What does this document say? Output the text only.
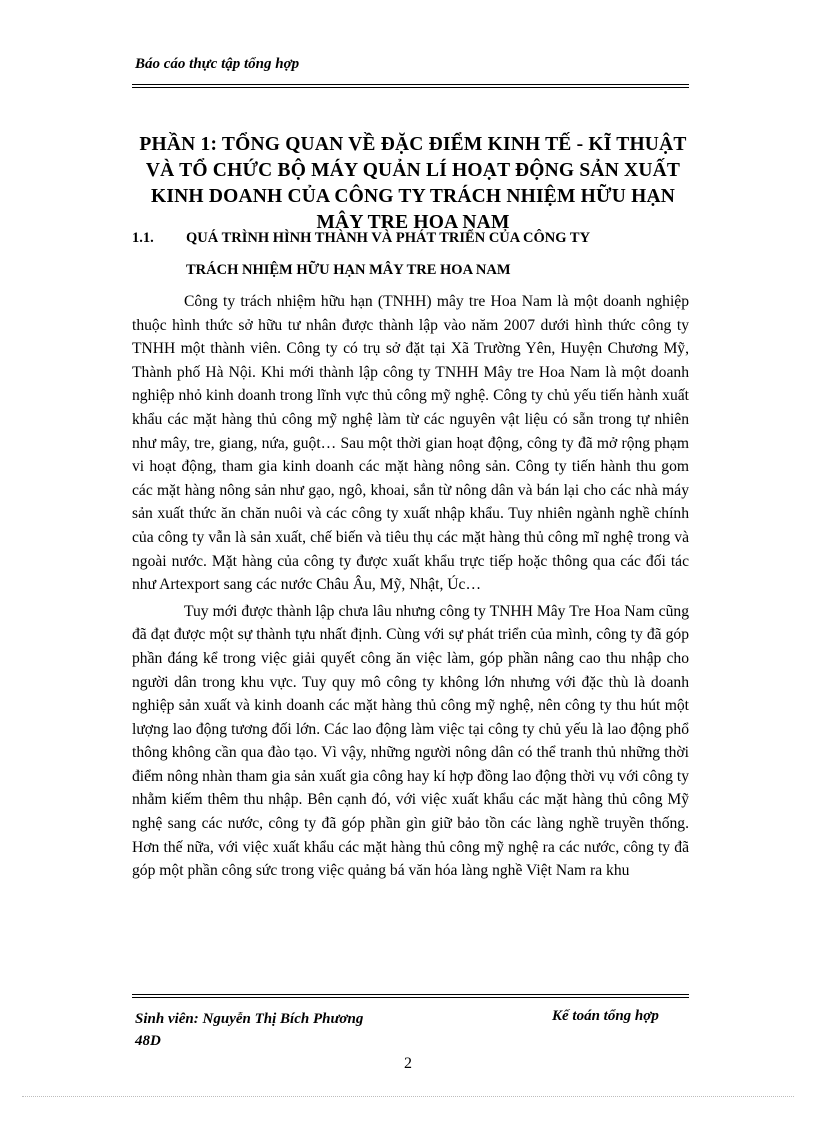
Báo cáo thực tập tổng hợp
PHẦN 1: TỔNG QUAN VỀ ĐẶC ĐIỂM KINH TẾ - KĨ THUẬT
VÀ TỔ CHỨC BỘ MÁY QUẢN LÍ HOẠT ĐỘNG SẢN XUẤT
KINH DOANH CỦA CÔNG TY TRÁCH NHIỆM HỮU HẠN
MÂY TRE HOA NAM
1.1. QUÁ TRÌNH HÌNH THÀNH VÀ PHÁT TRIỂN CỦA CÔNG TY
TRÁCH NHIỆM HỮU HẠN MÂY TRE HOA NAM

Công ty trách nhiệm hữu hạn (TNHH) mây tre Hoa Nam là một doanh nghiệp thuộc hình thức sở hữu tư nhân được thành lập vào năm 2007 dưới hình thức công ty TNHH một thành viên. Công ty có trụ sở đặt tại Xã Trường Yên, Huyện Chương Mỹ, Thành phố Hà Nội. Khi mới thành lập công ty TNHH Mây tre Hoa Nam là một doanh nghiệp nhỏ kinh doanh trong lĩnh vực thủ công mỹ nghệ. Công ty chủ yếu tiến hành xuất khẩu các mặt hàng thủ công mỹ nghệ làm từ các nguyên vật liệu có sẵn trong tự nhiên như mây, tre, giang, nứa, guột… Sau một thời gian hoạt động, công ty đã mở rộng phạm vi hoạt động, tham gia kinh doanh các mặt hàng nông sản. Công ty tiến hành thu gom các mặt hàng nông sản như gạo, ngô, khoai, sắn từ nông dân và bán lại cho các nhà máy sản xuất thức ăn chăn nuôi và các công ty xuất nhập khẩu. Tuy nhiên ngành nghề chính của công ty vẫn là sản xuất, chế biến và tiêu thụ các mặt hàng thủ công mĩ nghệ trong và ngoài nước. Mặt hàng của công ty được xuất khẩu trực tiếp hoặc thông qua các đối tác như Artexport sang các nước Châu Âu, Mỹ, Nhật, Úc…

Tuy mới được thành lập chưa lâu nhưng công ty TNHH Mây Tre Hoa Nam cũng đã đạt được một sự thành tựu nhất định. Cùng với sự phát triển của mình, công ty đã góp phần đáng kể trong việc giải quyết công ăn việc làm, góp phần nâng cao thu nhập cho người dân trong khu vực. Tuy quy mô công ty không lớn nhưng với đặc thù là doanh nghiệp sản xuất và kinh doanh các mặt hàng thủ công mỹ nghệ, nên công ty thu hút một lượng lao động tương đối lớn. Các lao động làm việc tại công ty chủ yếu là lao động phổ thông không cần qua đào tạo. Vì vậy, những người nông dân có thể tranh thủ những thời điểm nông nhàn tham gia sản xuất gia công hay kí hợp đồng lao động thời vụ với công ty nhằm kiếm thêm thu nhập. Bên cạnh đó, với việc xuất khẩu các mặt hàng thủ công Mỹ nghệ sang các nước, công ty đã góp phần gìn giữ bảo tồn các làng nghề truyền thống. Hơn thế nữa, với việc xuất khẩu các mặt hàng thủ công mỹ nghệ ra các nước, công ty đã góp một phần công sức trong việc quảng bá văn hóa làng nghề Việt Nam ra khu

Sinh viên: Nguyễn Thị Bích Phương
48D
Kế toán tổng hợp
2
